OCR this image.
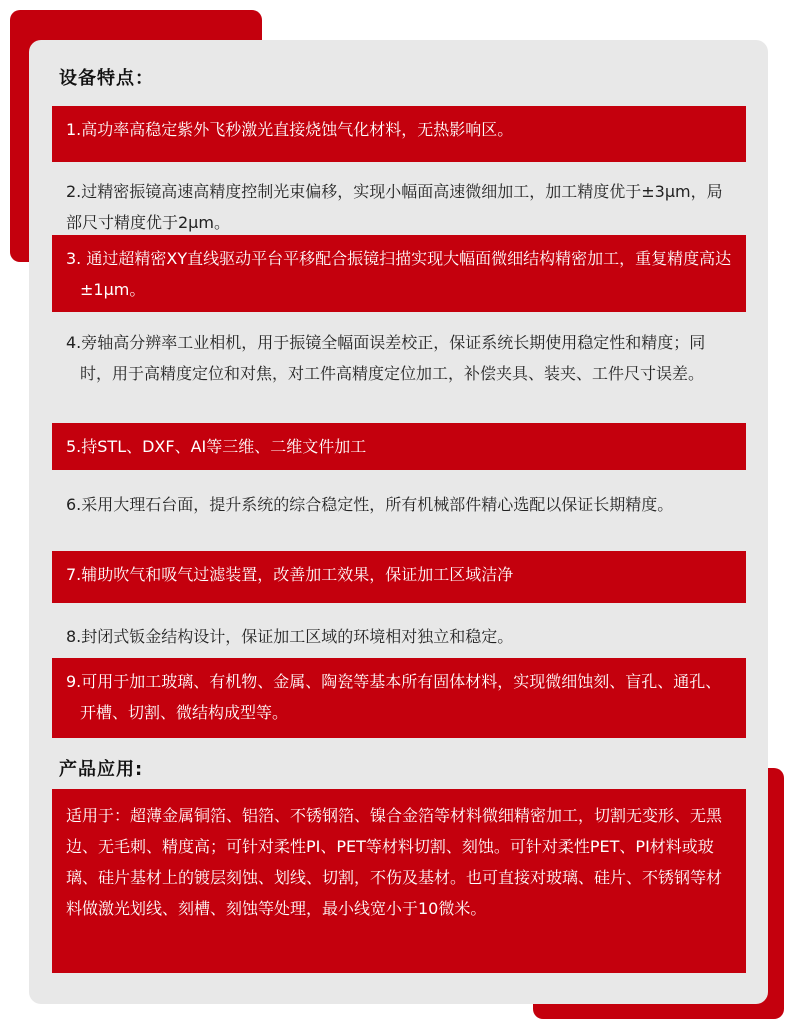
设备特点：
1.高功率高稳定紫外飞秒激光直接烧蚀气化材料，无热影响区。
2.过精密振镜高速高精度控制光束偏移，实现小幅面高速微细加工，加工精度优于±3μm，局部尺寸精度优于2μm。
3. 通过超精密XY直线驱动平台平移配合振镜扫描实现大幅面微细结构精密加工，重复精度高达±1μm。
4.旁轴高分辨率工业相机，用于振镜全幅面误差校正，保证系统长期使用稳定性和精度；同时，用于高精度定位和对焦，对工件高精度定位加工，补偿夹具、装夹、工件尺寸误差。
5.持STL、DXF、AI等三维、二维文件加工
6.采用大理石台面，提升系统的综合稳定性，所有机械部件精心选配以保证长期精度。
7.辅助吹气和吸气过滤装置，改善加工效果，保证加工区域洁净
8.封闭式钣金结构设计，保证加工区域的环境相对独立和稳定。
9.可用于加工玻璃、有机物、金属、陶瓷等基本所有固体材料，实现微细蚀刻、盲孔、通孔、开槽、切割、微结构成型等。
产品应用:
适用于：超薄金属铜箔、铝箔、不锈钢箔、镍合金箔等材料微细精密加工，切割无变形、无黑边、无毛刺、精度高；可针对柔性PI、PET等材料切割、刻蚀。可针对柔性PET、PI材料或玻璃、硅片基材上的镀层刻蚀、划线、切割，不伤及基材。也可直接对玻璃、硅片、不锈钢等材料做激光划线、刻槽、刻蚀等处理，最小线宽小于10微米。
